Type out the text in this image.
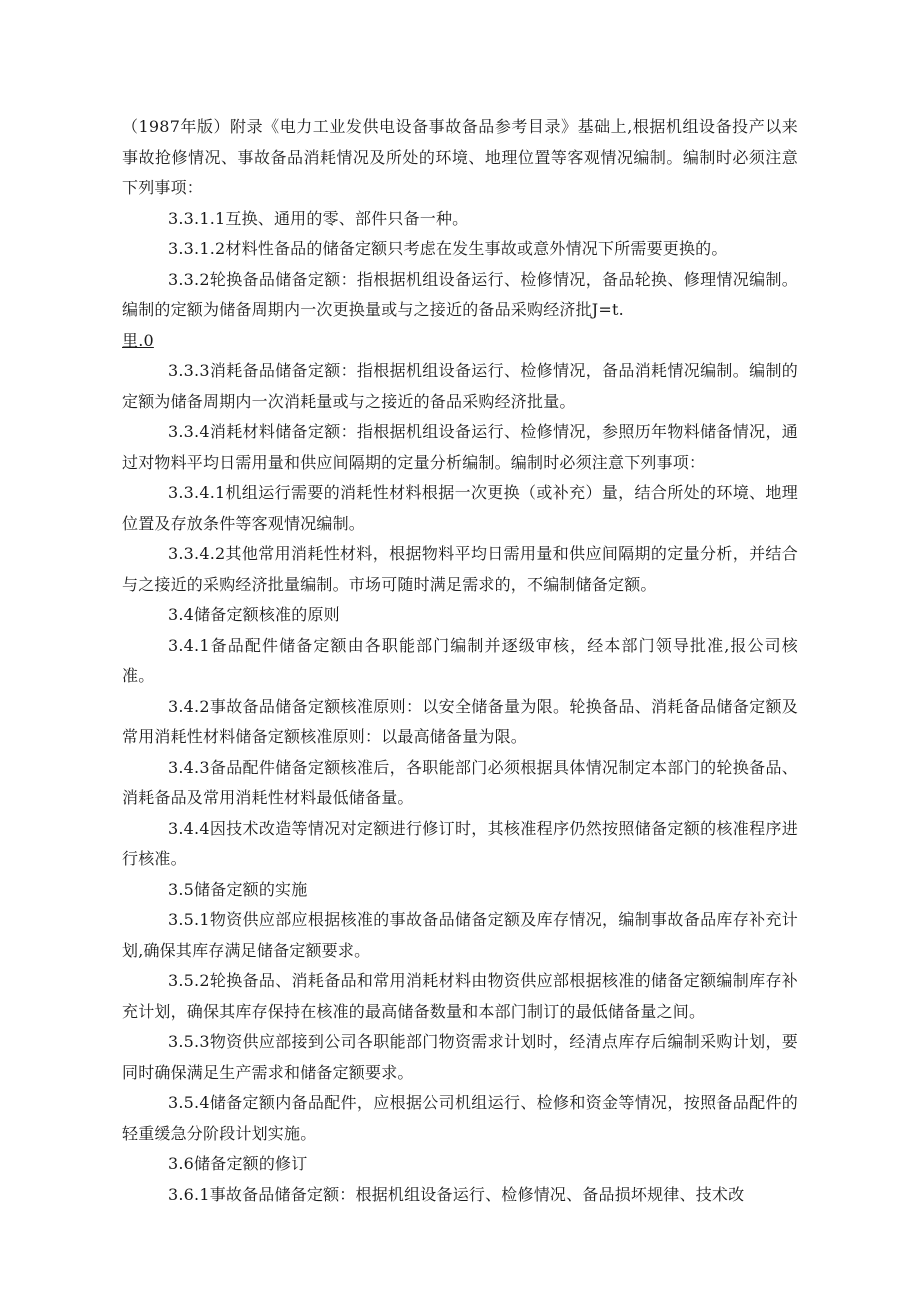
（1987年版）附录《电力工业发供电设备事故备品参考目录》基础上,根据机组设备投产以来事故抢修情况、事故备品消耗情况及所处的环境、地理位置等客观情况编制。编制时必须注意下列事项：

3.3.1.1互换、通用的零、部件只备一种。

3.3.1.2材料性备品的储备定额只考虑在发生事故或意外情况下所需要更换的。

3.3.2轮换备品储备定额：指根据机组设备运行、检修情况，备品轮换、修理情况编制。编制的定额为储备周期内一次更换量或与之接近的备品采购经济批J=t.

里.0

3.3.3消耗备品储备定额：指根据机组设备运行、检修情况，备品消耗情况编制。编制的定额为储备周期内一次消耗量或与之接近的备品采购经济批量。

3.3.4消耗材料储备定额：指根据机组设备运行、检修情况，参照历年物料储备情况，通过对物料平均日需用量和供应间隔期的定量分析编制。编制时必须注意下列事项：

3.3.4.1机组运行需要的消耗性材料根据一次更换（或补充）量，结合所处的环境、地理位置及存放条件等客观情况编制。

3.3.4.2其他常用消耗性材料，根据物料平均日需用量和供应间隔期的定量分析，并结合与之接近的采购经济批量编制。市场可随时满足需求的，不编制储备定额。

3.4储备定额核准的原则

3.4.1备品配件储备定额由各职能部门编制并逐级审核，经本部门领导批准,报公司核准。

3.4.2事故备品储备定额核准原则：以安全储备量为限。轮换备品、消耗备品储备定额及常用消耗性材料储备定额核准原则：以最高储备量为限。

3.4.3备品配件储备定额核准后，各职能部门必须根据具体情况制定本部门的轮换备品、消耗备品及常用消耗性材料最低储备量。

3.4.4因技术改造等情况对定额进行修订时，其核准程序仍然按照储备定额的核准程序进行核准。

3.5储备定额的实施

3.5.1物资供应部应根据核准的事故备品储备定额及库存情况，编制事故备品库存补充计划,确保其库存满足储备定额要求。

3.5.2轮换备品、消耗备品和常用消耗材料由物资供应部根据核准的储备定额编制库存补充计划，确保其库存保持在核准的最高储备数量和本部门制订的最低储备量之间。

3.5.3物资供应部接到公司各职能部门物资需求计划时，经清点库存后编制采购计划，要同时确保满足生产需求和储备定额要求。

3.5.4储备定额内备品配件，应根据公司机组运行、检修和资金等情况，按照备品配件的轻重缓急分阶段计划实施。

3.6储备定额的修订

3.6.1事故备品储备定额：根据机组设备运行、检修情况、备品损坏规律、技术改
